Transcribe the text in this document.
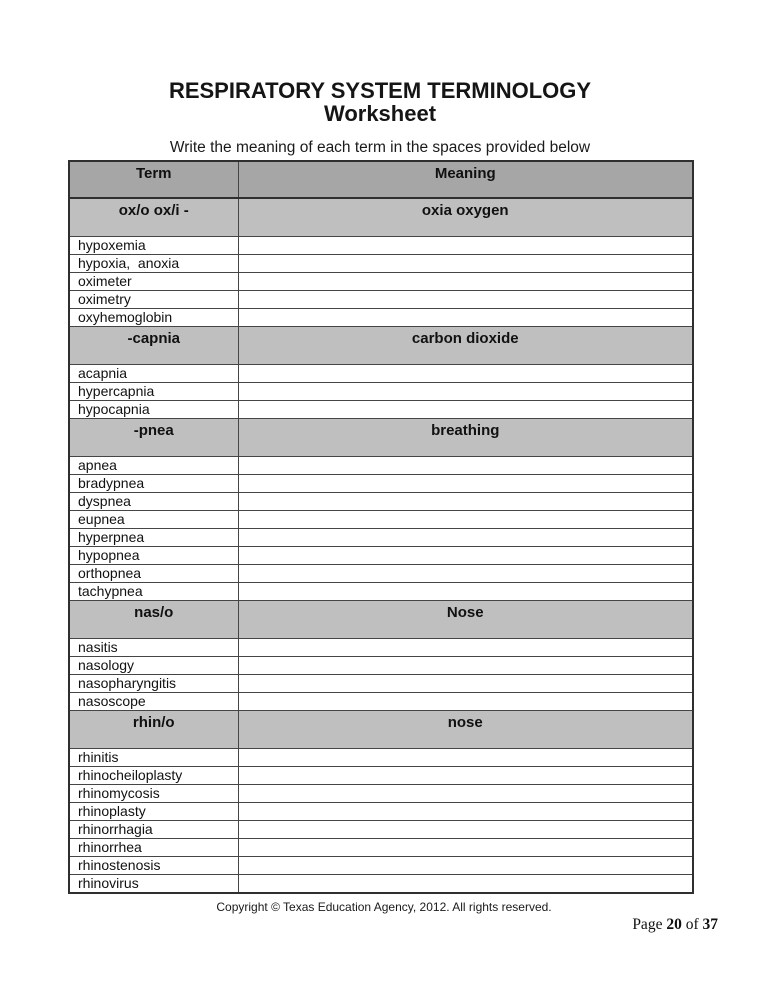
RESPIRATORY SYSTEM TERMINOLOGY
Worksheet
Write the meaning of each term in the spaces provided below
Term	Meaning
ox/o ox/i -	oxia oxygen
hypoxemia	
hypoxia,  anoxia	
oximeter	
oximetry	
oxyhemoglobin	
-capnia	carbon dioxide
acapnia	
hypercapnia	
hypocapnia	
-pnea	breathing
apnea	
bradypnea	
dyspnea	
eupnea	
hyperpnea	
hypopnea	
orthopnea	
tachypnea	
nas/o	Nose
nasitis	
nasology	
nasopharyngitis	
nasoscope	
rhin/o	nose
rhinitis	
rhinocheiloplasty	
rhinomycosis	
rhinoplasty	
rhinorrhagia	
rhinorrhea	
rhinostenosis	
rhinovirus	
Copyright © Texas Education Agency, 2012. All rights reserved.
Page 20 of 37
